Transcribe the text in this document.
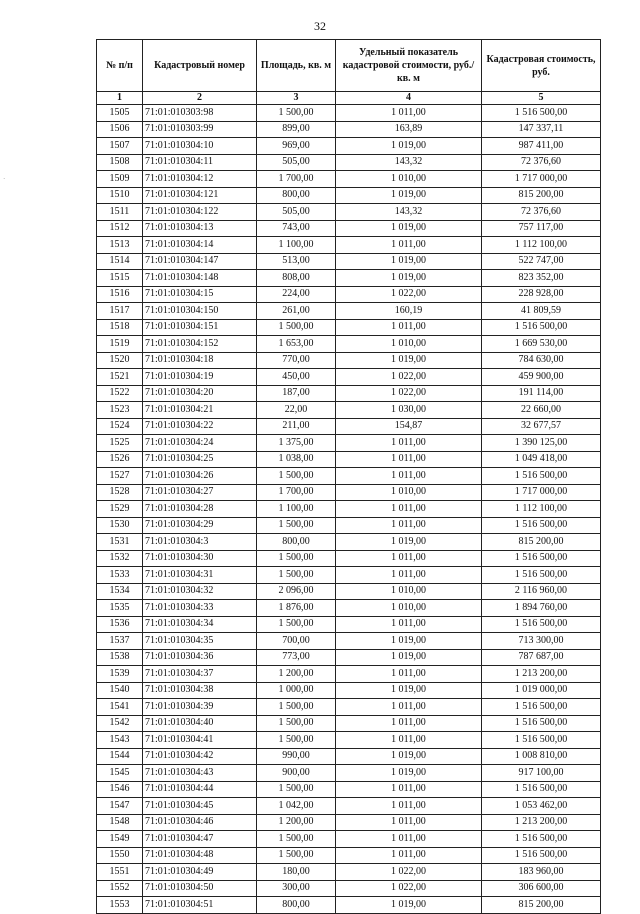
32
·
№ п/п	Кадастровый номер	Площадь, кв. м	Удельный показатель кадастровой стоимости, руб./кв. м	Кадастровая стоимость, руб.
1	2	3	4	5
1505	71:01:010303:98	1 500,00	1 011,00	1 516 500,00
1506	71:01:010303:99	899,00	163,89	147 337,11
1507	71:01:010304:10	969,00	1 019,00	987 411,00
1508	71:01:010304:11	505,00	143,32	72 376,60
1509	71:01:010304:12	1 700,00	1 010,00	1 717 000,00
1510	71:01:010304:121	800,00	1 019,00	815 200,00
1511	71:01:010304:122	505,00	143,32	72 376,60
1512	71:01:010304:13	743,00	1 019,00	757 117,00
1513	71:01:010304:14	1 100,00	1 011,00	1 112 100,00
1514	71:01:010304:147	513,00	1 019,00	522 747,00
1515	71:01:010304:148	808,00	1 019,00	823 352,00
1516	71:01:010304:15	224,00	1 022,00	228 928,00
1517	71:01:010304:150	261,00	160,19	41 809,59
1518	71:01:010304:151	1 500,00	1 011,00	1 516 500,00
1519	71:01:010304:152	1 653,00	1 010,00	1 669 530,00
1520	71:01:010304:18	770,00	1 019,00	784 630,00
1521	71:01:010304:19	450,00	1 022,00	459 900,00
1522	71:01:010304:20	187,00	1 022,00	191 114,00
1523	71:01:010304:21	22,00	1 030,00	22 660,00
1524	71:01:010304:22	211,00	154,87	32 677,57
1525	71:01:010304:24	1 375,00	1 011,00	1 390 125,00
1526	71:01:010304:25	1 038,00	1 011,00	1 049 418,00
1527	71:01:010304:26	1 500,00	1 011,00	1 516 500,00
1528	71:01:010304:27	1 700,00	1 010,00	1 717 000,00
1529	71:01:010304:28	1 100,00	1 011,00	1 112 100,00
1530	71:01:010304:29	1 500,00	1 011,00	1 516 500,00
1531	71:01:010304:3	800,00	1 019,00	815 200,00
1532	71:01:010304:30	1 500,00	1 011,00	1 516 500,00
1533	71:01:010304:31	1 500,00	1 011,00	1 516 500,00
1534	71:01:010304:32	2 096,00	1 010,00	2 116 960,00
1535	71:01:010304:33	1 876,00	1 010,00	1 894 760,00
1536	71:01:010304:34	1 500,00	1 011,00	1 516 500,00
1537	71:01:010304:35	700,00	1 019,00	713 300,00
1538	71:01:010304:36	773,00	1 019,00	787 687,00
1539	71:01:010304:37	1 200,00	1 011,00	1 213 200,00
1540	71:01:010304:38	1 000,00	1 019,00	1 019 000,00
1541	71:01:010304:39	1 500,00	1 011,00	1 516 500,00
1542	71:01:010304:40	1 500,00	1 011,00	1 516 500,00
1543	71:01:010304:41	1 500,00	1 011,00	1 516 500,00
1544	71:01:010304:42	990,00	1 019,00	1 008 810,00
1545	71:01:010304:43	900,00	1 019,00	917 100,00
1546	71:01:010304:44	1 500,00	1 011,00	1 516 500,00
1547	71:01:010304:45	1 042,00	1 011,00	1 053 462,00
1548	71:01:010304:46	1 200,00	1 011,00	1 213 200,00
1549	71:01:010304:47	1 500,00	1 011,00	1 516 500,00
1550	71:01:010304:48	1 500,00	1 011,00	1 516 500,00
1551	71:01:010304:49	180,00	1 022,00	183 960,00
1552	71:01:010304:50	300,00	1 022,00	306 600,00
1553	71:01:010304:51	800,00	1 019,00	815 200,00
